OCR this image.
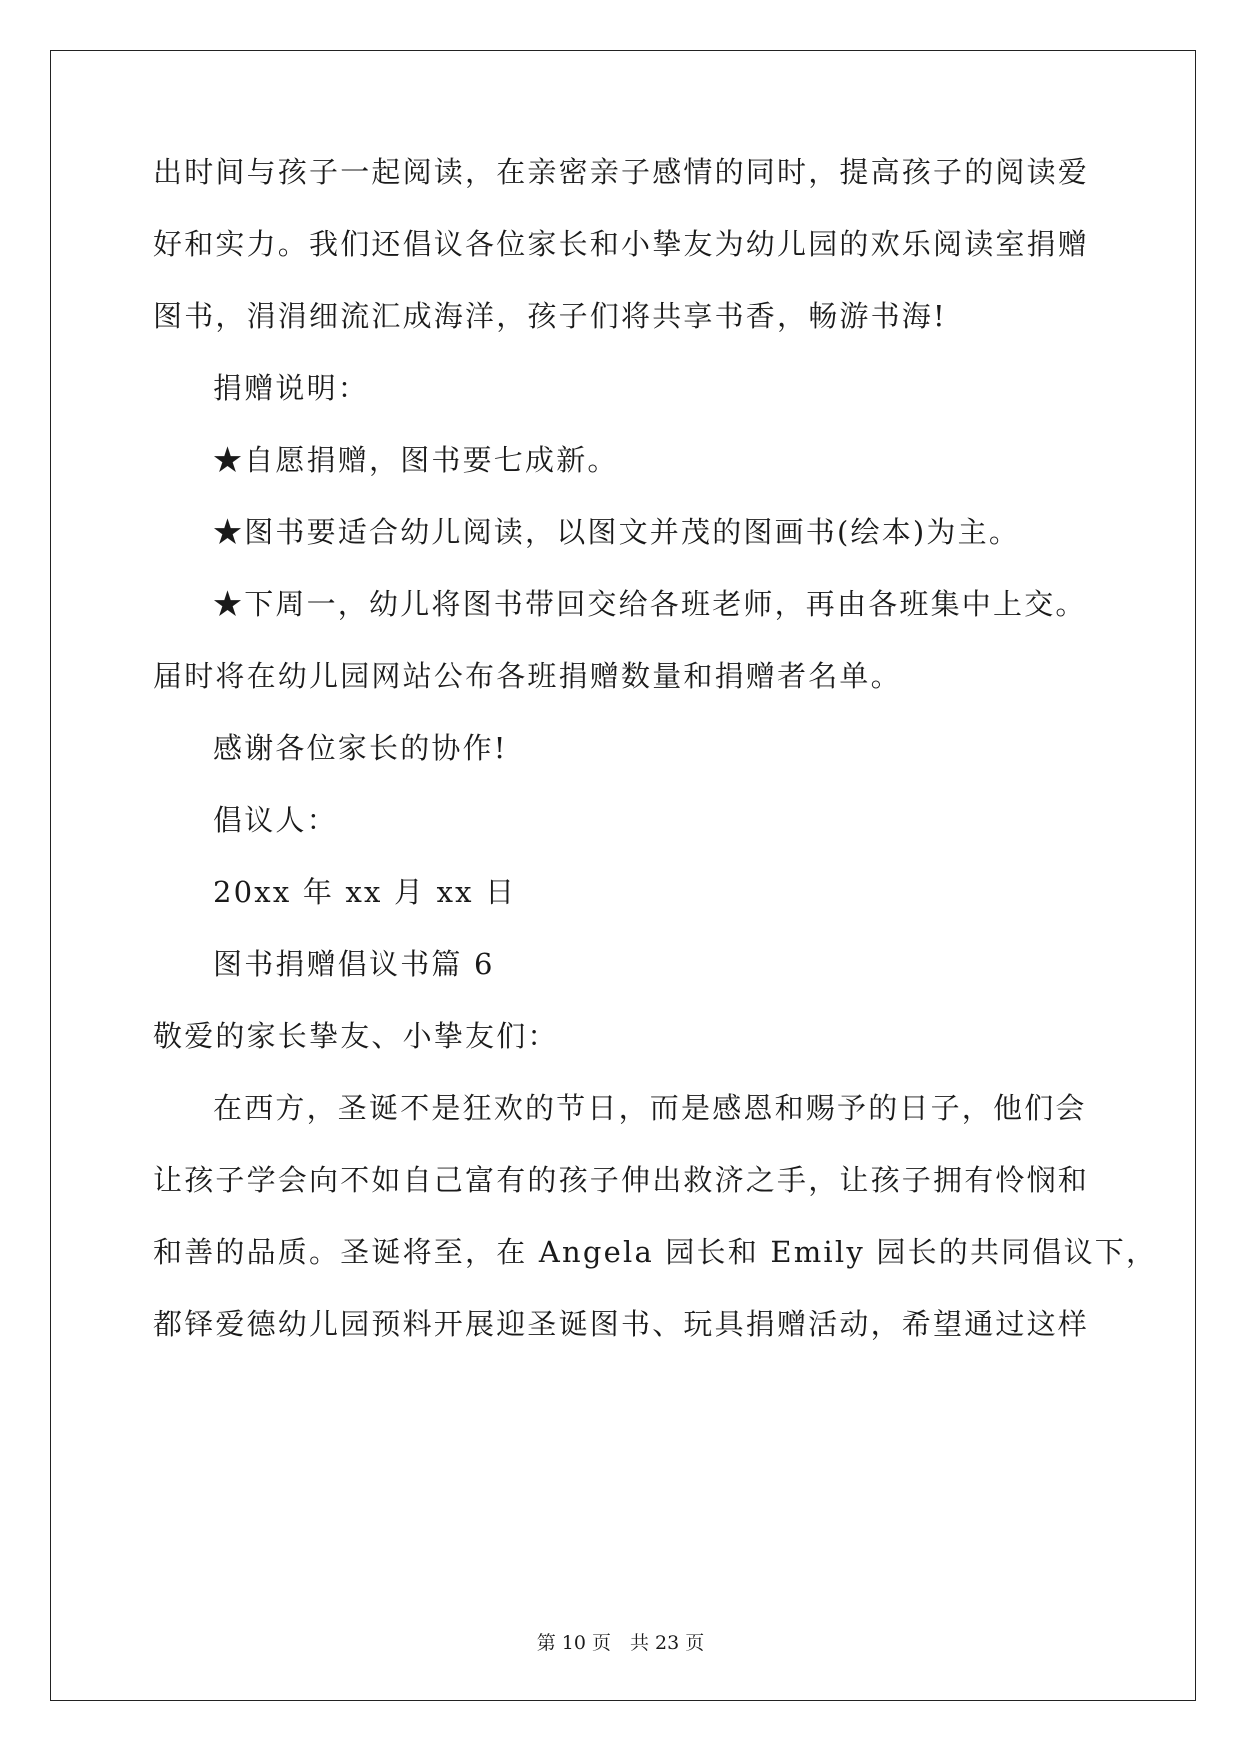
出时间与孩子一起阅读，在亲密亲子感情的同时，提高孩子的阅读爱
好和实力。我们还倡议各位家长和小挚友为幼儿园的欢乐阅读室捐赠
图书，涓涓细流汇成海洋，孩子们将共享书香，畅游书海!
捐赠说明：
★自愿捐赠，图书要七成新。
★图书要适合幼儿阅读，以图文并茂的图画书(绘本)为主。
★下周一，幼儿将图书带回交给各班老师，再由各班集中上交。
届时将在幼儿园网站公布各班捐赠数量和捐赠者名单。
感谢各位家长的协作!
倡议人：
20xx 年 xx 月 xx 日
图书捐赠倡议书篇 6
敬爱的家长挚友、小挚友们：
在西方，圣诞不是狂欢的节日，而是感恩和赐予的日子，他们会
让孩子学会向不如自己富有的孩子伸出救济之手，让孩子拥有怜悯和
和善的品质。圣诞将至，在 Angela 园长和 Emily 园长的共同倡议下，
都铎爱德幼儿园预料开展迎圣诞图书、玩具捐赠活动，希望通过这样
第 10 页　共 23 页
